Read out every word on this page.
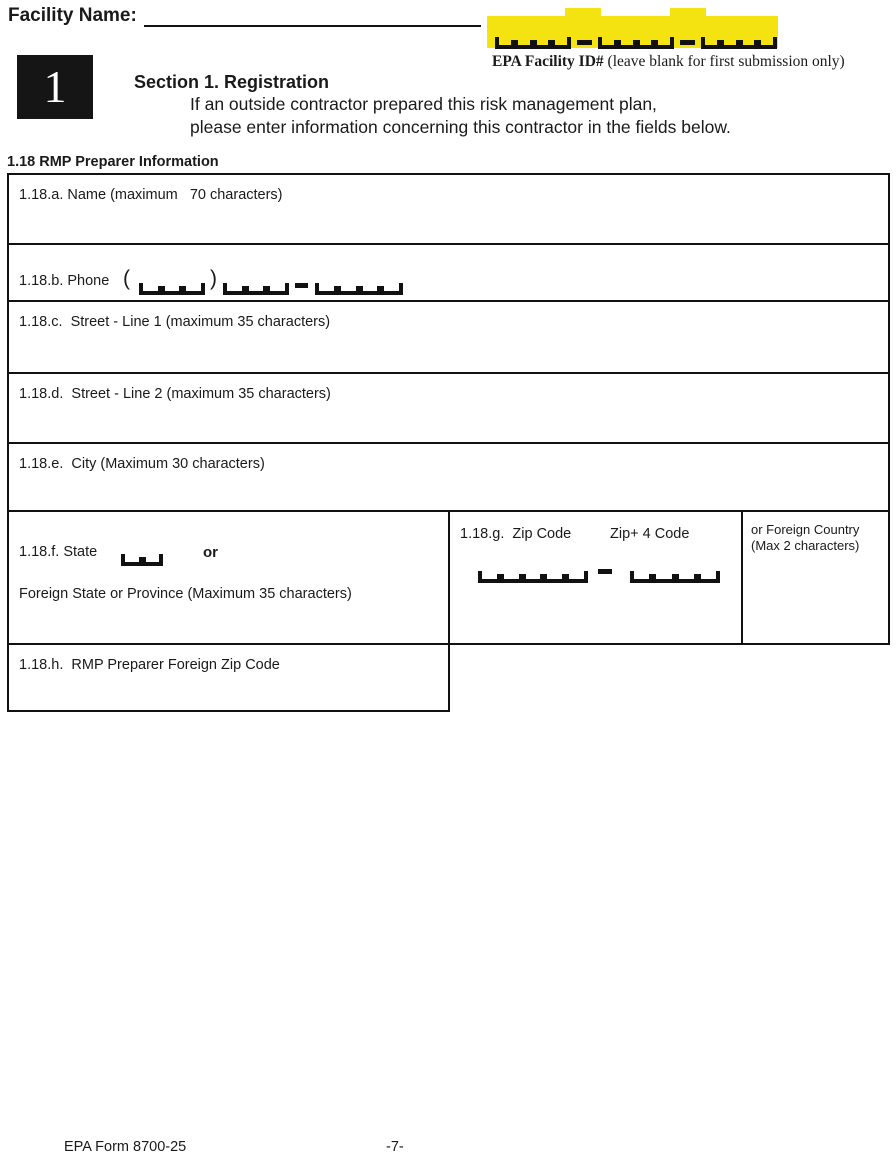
Facility Name:
EPA Facility ID# (leave blank for first submission only)
1	Section 1. Registration
If an outside contractor prepared this risk management plan,
please enter information concerning this contractor in the fields below.
1.18 RMP Preparer Information
1.18.a. Name (maximum   70 characters)
1.18.b. Phone (	)
1.18.c.  Street - Line 1 (maximum 35 characters)
1.18.d.  Street - Line 2 (maximum 35 characters)
1.18.e.  City (Maximum 30 characters)
1.18.f. State	or
Foreign State or Province (Maximum 35 characters)
1.18.g.  Zip Code	Zip+ 4 Code	or Foreign Country
(Max 2 characters)
1.18.h.  RMP Preparer Foreign Zip Code
EPA Form 8700-25	-7-
